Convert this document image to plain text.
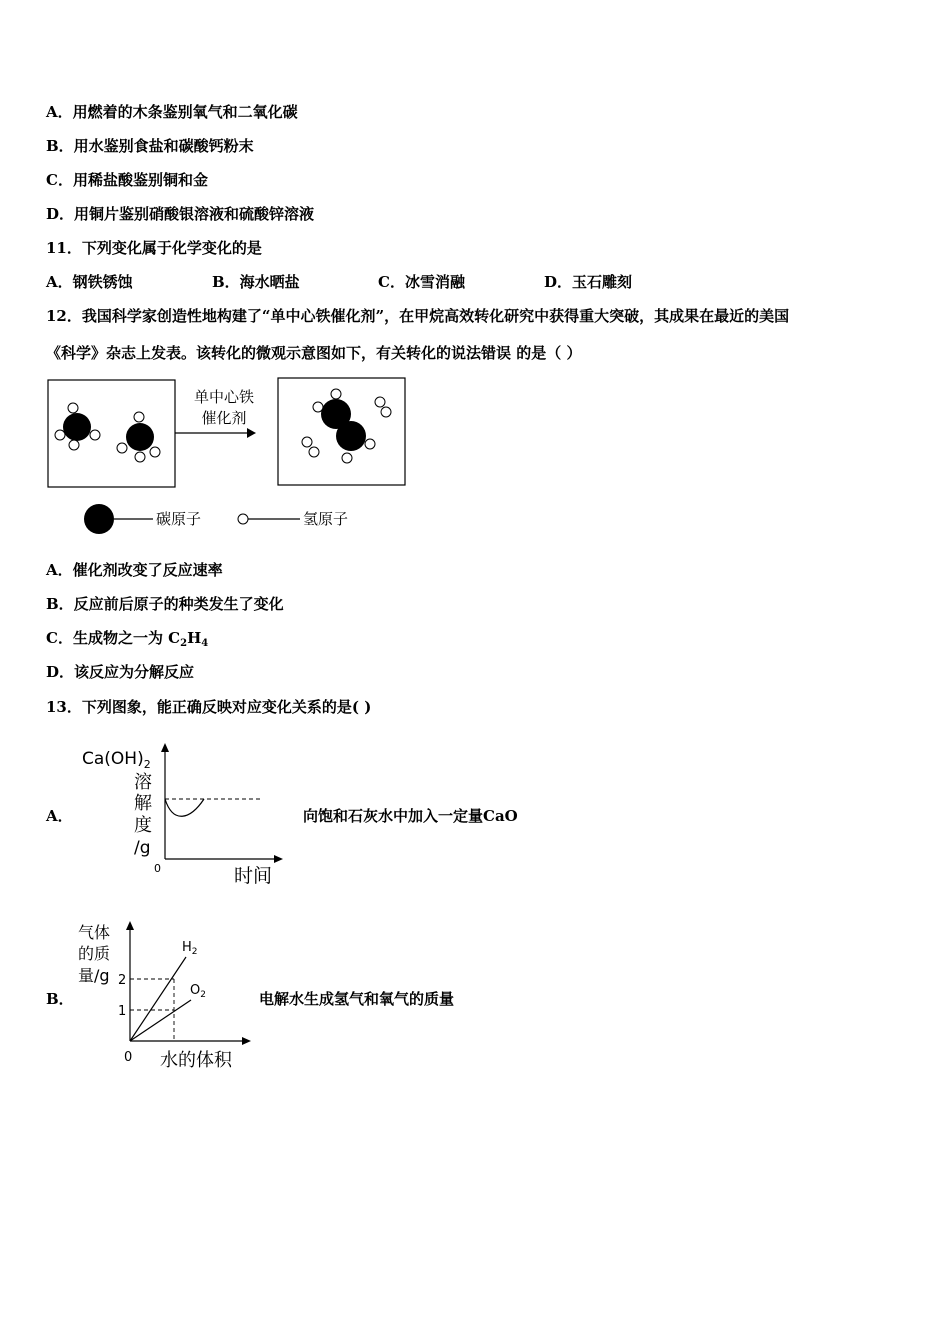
A．用燃着的木条鉴别氧气和二氧化碳
B．用水鉴别食盐和碳酸钙粉末
C．用稀盐酸鉴别铜和金
D．用铜片鉴别硝酸银溶液和硫酸锌溶液
11．下列变化属于化学变化的是
A．钢铁锈蚀	B．海水晒盐	C．冰雪消融	D．玉石雕刻
12．我国科学家创造性地构建了“单中心铁催化剂”，在甲烷高效转化研究中获得重大突破，其成果在最近的美国
《科学》杂志上发表。该转化的微观示意图如下，有关转化的说法错误 的是（ ）
单中心铁
催化剂
碳原子	氢原子
A．催化剂改变了反应速率
B．反应前后原子的种类发生了变化
C．生成物之一为 $C_2H_4$
D．该反应为分解反应
13．下列图象，能正确反映对应变化关系的是( )
A．
$Ca(OH)_2$
溶
解
度
/g
0	时间
向饱和石灰水中加入一定量CaO
B．
气体
的质
量/g 2
1
$H_2$
$O_2$
0 水的体积
电解水生成氢气和氧气的质量
